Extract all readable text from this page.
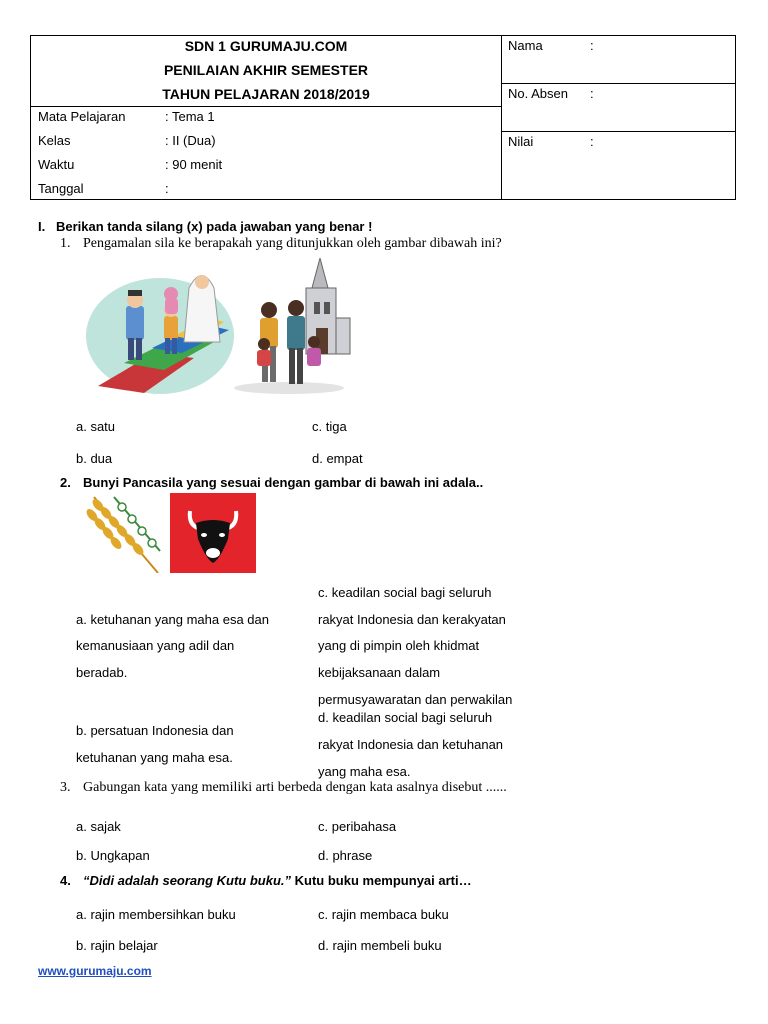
SDN 1 GURUMAJU.COM
PENILAIAN AKHIR SEMESTER
TAHUN PELAJARAN 2018/2019
Mata Pelajaran	: Tema 1
Kelas	: II (Dua)
Waktu	: 90 menit
Tanggal	:
Nama	:
No. Absen :
Nilai	:
I. Berikan tanda silang (x) pada jawaban yang benar !
1. Pengamalan sila ke berapakah yang ditunjukkan oleh gambar dibawah ini?
a. satu	c. tiga
b. dua	d. empat
2. Bunyi Pancasila yang sesuai dengan gambar di bawah ini adala..
c. keadilan social bagi seluruh
rakyat Indonesia dan kerakyatan
yang di pimpin oleh khidmat
kebijaksanaan dalam
permusyawaratan dan perwakilan
a. ketuhanan yang maha esa dan
kemanusiaan yang adil dan
beradab.
d. keadilan social bagi seluruh
rakyat Indonesia dan ketuhanan
yang maha esa.
b. persatuan Indonesia dan
ketuhanan yang maha esa.
3. Gabungan kata yang memiliki arti berbeda dengan kata asalnya disebut ......
a. sajak	c. peribahasa
b. Ungkapan	d. phrase
4. “Didi adalah seorang Kutu buku.” Kutu buku mempunyai arti…
a. rajin membersihkan buku	c. rajin membaca buku
b. rajin belajar	d. rajin membeli buku
www.gurumaju.com
